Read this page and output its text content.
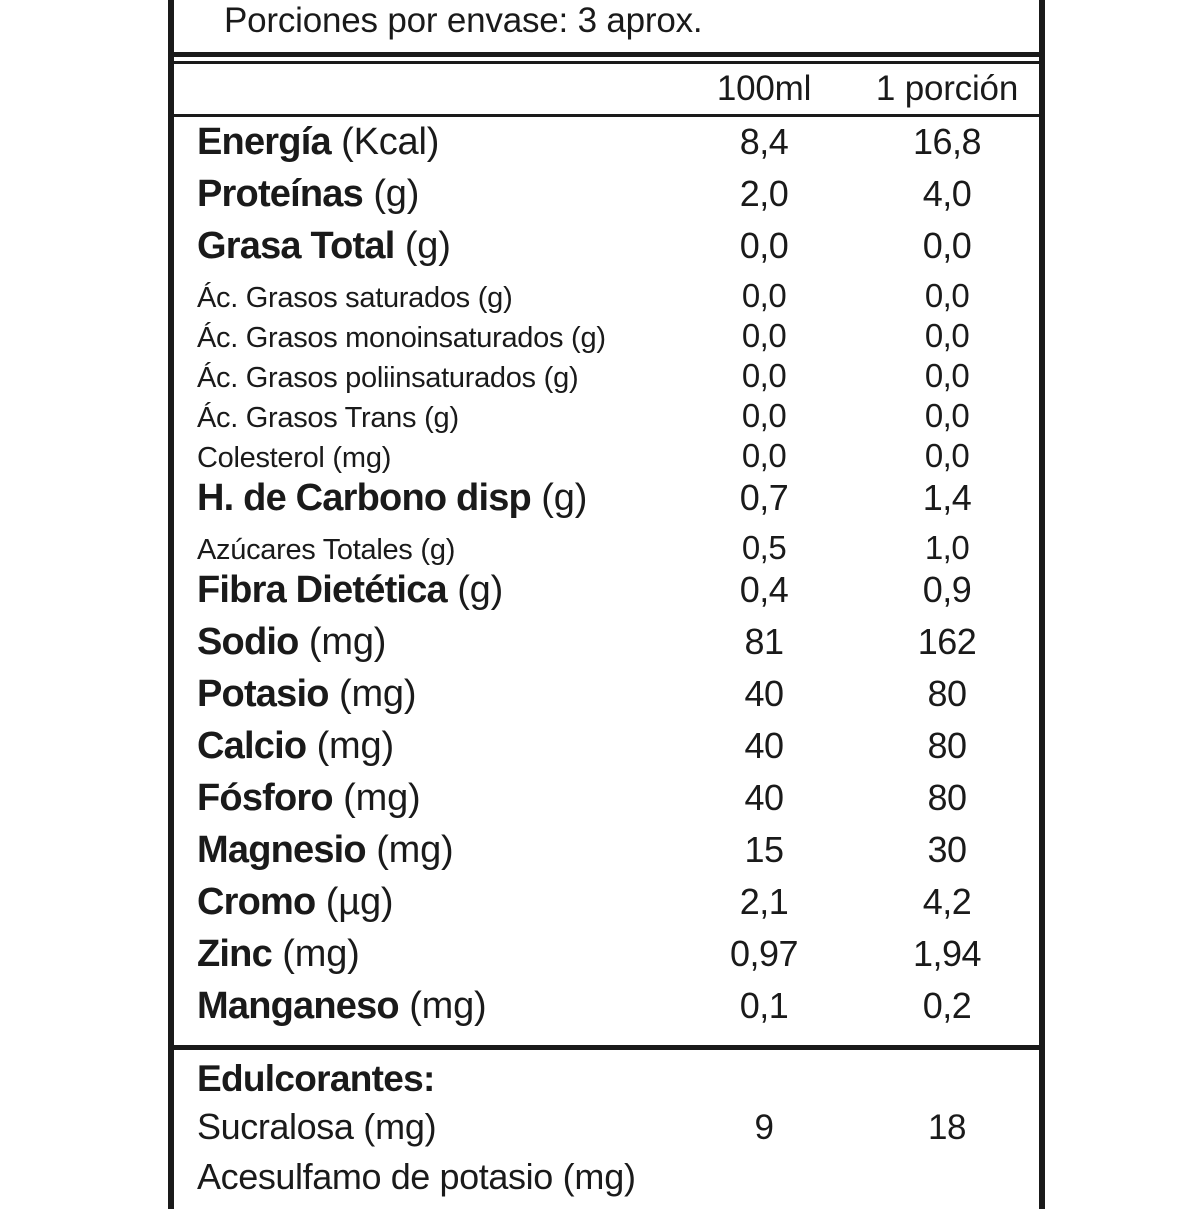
Porciones por envase: 3 aprox.
100ml	1 porción
Energía (Kcal)	8,4	16,8
Proteínas (g)	2,0	4,0
Grasa Total (g)	0,0	0,0
Ác. Grasos saturados (g)	0,0	0,0
Ác. Grasos monoinsaturados (g)	0,0	0,0
Ác. Grasos poliinsaturados (g)	0,0	0,0
Ác. Grasos Trans (g)	0,0	0,0
Colesterol (mg)	0,0	0,0
H. de Carbono disp (g)	0,7	1,4
Azúcares Totales (g)	0,5	1,0
Fibra Dietética (g)	0,4	0,9
Sodio (mg)	81	162
Potasio (mg)	40	80
Calcio (mg)	40	80
Fósforo (mg)	40	80
Magnesio (mg)	15	30
Cromo (µg)	2,1	4,2
Zinc (mg)	0,97	1,94
Manganeso (mg)	0,1	0,2
Edulcorantes:
Sucralosa (mg)	9	18
Acesulfamo de potasio (mg)
